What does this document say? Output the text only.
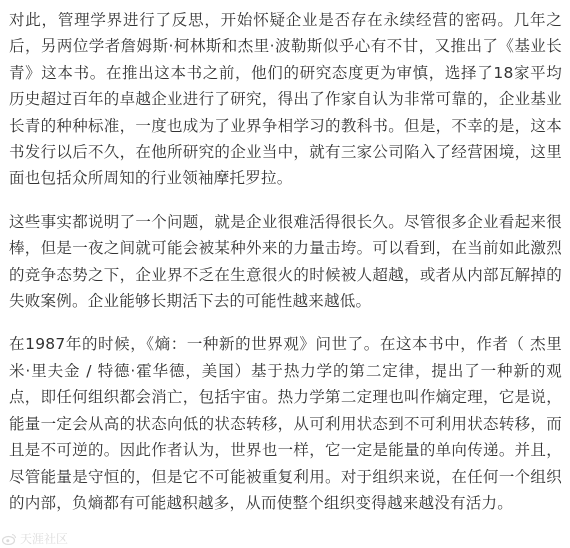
对此，管理学界进行了反思，开始怀疑企业是否存在永续经营的密码。几年之后，另两位学者詹姆斯·柯林斯和杰里·波勒斯似乎心有不甘，又推出了《基业长青》这本书。在推出这本书之前，他们的研究态度更为审慎，选择了18家平均历史超过百年的卓越企业进行了研究，得出了作家自认为非常可靠的，企业基业长青的种种标准，一度也成为了业界争相学习的教科书。但是，不幸的是，这本书发行以后不久，在他所研究的企业当中，就有三家公司陷入了经营困境，这里面也包括众所周知的行业领袖摩托罗拉。

这些事实都说明了一个问题，就是企业很难活得很长久。尽管很多企业看起来很棒，但是一夜之间就可能会被某种外来的力量击垮。可以看到，在当前如此激烈的竞争态势之下，企业界不乏在生意很火的时候被人超越，或者从内部瓦解掉的失败案例。企业能够长期活下去的可能性越来越低。

在1987年的时候，《熵：一种新的世界观》问世了。在这本书中，作者（ 杰里米·里夫金 / 特德·霍华德，美国）基于热力学的第二定律，提出了一种新的观点，即任何组织都会消亡，包括宇宙。热力学第二定理也叫作熵定理，它是说，能量一定会从高的状态向低的状态转移，从可利用状态到不可利用状态转移，而且是不可逆的。因此作者认为，世界也一样，它一定是能量的单向传递。并且，尽管能量是守恒的，但是它不可能被重复利用。对于组织来说，在任何一个组织的内部，负熵都有可能越积越多，从而使整个组织变得越来越没有活力。

天涯社区
